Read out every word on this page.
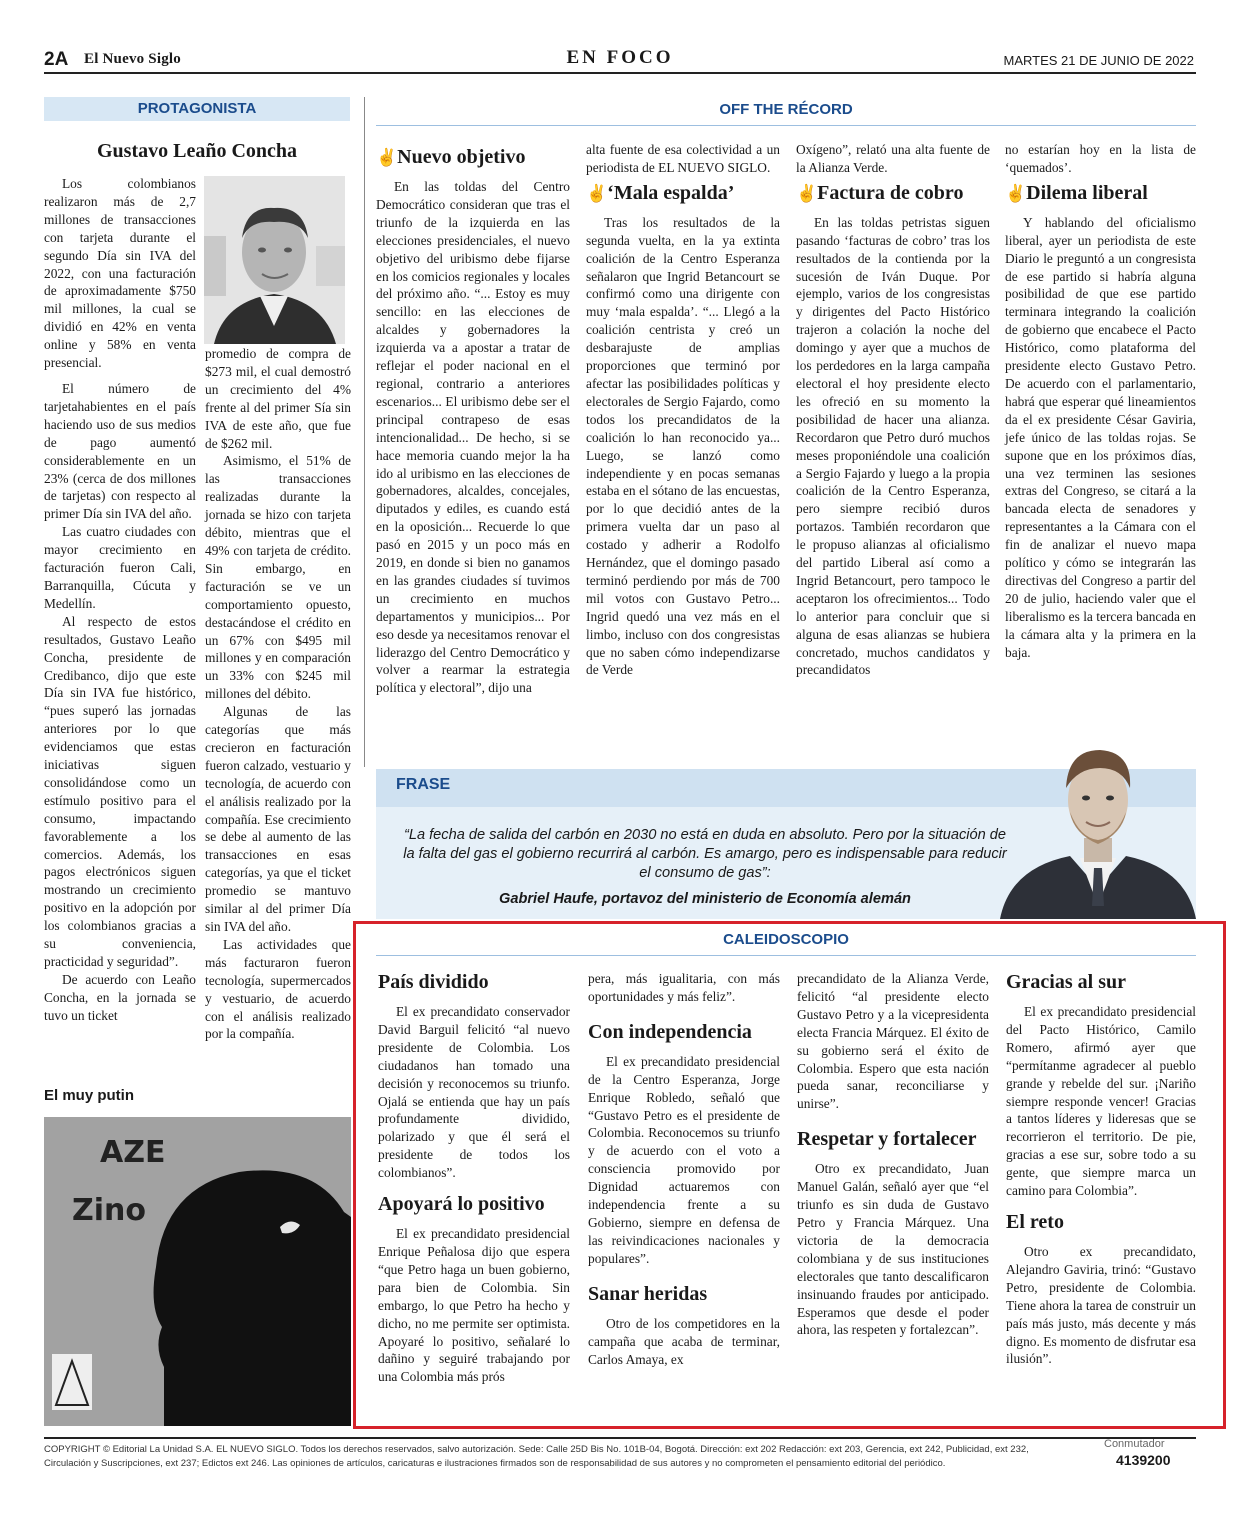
2A El Nuevo Siglo	EN FOCO	MARTES 21 DE JUNIO DE 2022
PROTAGONISTA
Gustavo Leaño Concha

Los colombianos realizaron más de 2,7 millones de transacciones con tarjeta durante el segundo Día sin IVA del 2022, con una facturación de aproximadamente $750 mil millones, la cual se dividió en 42% en venta online y 58% en venta presencial.

El número de tarjetahabientes en el país haciendo uso de sus medios de pago aumentó considerablemente en un 23% (cerca de dos millones de tarjetas) con respecto al primer Día sin IVA del año.

Las cuatro ciudades con mayor crecimiento en facturación fueron Cali, Barranquilla, Cúcuta y Medellín.

Al respecto de estos resultados, Gustavo Leaño Concha, presidente de Credibanco, dijo que este Día sin IVA fue histórico, “pues superó las jornadas anteriores por lo que evidenciamos que estas iniciativas siguen consolidándose como un estímulo positivo para el consumo, impactando favorablemente a los comercios. Además, los pagos electrónicos siguen mostrando un crecimiento positivo en la adopción por los colombianos gracias a su conveniencia, practicidad y seguridad”.

De acuerdo con Leaño Concha, en la jornada se tuvo un ticket

promedio de compra de $273 mil, el cual demostró un crecimiento del 4% frente al del primer Sía sin IVA de este año, que fue de $262 mil.

Asimismo, el 51% de las transacciones realizadas durante la jornada se hizo con tarjeta débito, mientras que el 49% con tarjeta de crédito. Sin embargo, en facturación se ve un comportamiento opuesto, destacándose el crédito en un 67% con $495 mil millones y en comparación un 33% con $245 mil millones del débito.

Algunas de las categorías que más crecieron en facturación fueron calzado, vestuario y tecnología, de acuerdo con el análisis realizado por la compañía. Ese crecimiento se debe al aumento de las transacciones en esas categorías, ya que el ticket promedio se mantuvo similar al del primer Día sin IVA del año.

Las actividades que más facturaron fueron tecnología, supermercados y vestuario, de acuerdo con el análisis realizado por la compañía.

El muy putin
AZE
Zino
OFF THE RÉCORD
✌Nuevo objetivo

En las toldas del Centro Democrático consideran que tras el triunfo de la izquierda en las elecciones presidenciales, el nuevo objetivo del uribismo debe fijarse en los comicios regionales y locales del próximo año. “... Estoy es muy sencillo: en las elecciones de alcaldes y gobernadores la izquierda va a apostar a tratar de reflejar el poder nacional en el regional, contrario a anteriores escenarios... El uribismo debe ser el principal contrapeso de esas intencionalidad... De hecho, si se hace memoria cuando mejor la ha ido al uribismo en las elecciones de gobernadores, alcaldes, concejales, diputados y ediles, es cuando está en la oposición... Recuerde lo que pasó en 2015 y un poco más en 2019, en donde si bien no ganamos en las grandes ciudades sí tuvimos un crecimiento en muchos departamentos y municipios... Por eso desde ya necesitamos renovar el liderazgo del Centro Democrático y volver a rearmar la estrategia política y electoral”, dijo una

alta fuente de esa colectividad a un periodista de EL NUEVO SIGLO.

✌‘Mala espalda’

Tras los resultados de la segunda vuelta, en la ya extinta coalición de la Centro Esperanza señalaron que Ingrid Betancourt se confirmó como una dirigente con muy ‘mala espalda’. “... Llegó a la coalición centrista y creó un desbarajuste de amplias proporciones que terminó por afectar las posibilidades políticas y electorales de Sergio Fajardo, como todos los precandidatos de la coalición lo han reconocido ya... Luego, se lanzó como independiente y en pocas semanas estaba en el sótano de las encuestas, por lo que decidió antes de la primera vuelta dar un paso al costado y adherir a Rodolfo Hernández, que el domingo pasado terminó perdiendo por más de 700 mil votos con Gustavo Petro... Ingrid quedó una vez más en el limbo, incluso con dos congresistas que no saben cómo independizarse de Verde

Oxígeno”, relató una alta fuente de la Alianza Verde.

✌Factura de cobro

En las toldas petristas siguen pasando ‘facturas de cobro’ tras los resultados de la contienda por la sucesión de Iván Duque. Por ejemplo, varios de los congresistas y dirigentes del Pacto Histórico trajeron a colación la noche del domingo y ayer que a muchos de los perdedores en la larga campaña electoral el hoy presidente electo les ofreció en su momento la posibilidad de hacer una alianza. Recordaron que Petro duró muchos meses proponiéndole una coalición a Sergio Fajardo y luego a la propia coalición de la Centro Esperanza, pero siempre recibió duros portazos. También recordaron que le propuso alianzas al oficialismo del partido Liberal así como a Ingrid Betancourt, pero tampoco le aceptaron los ofrecimientos... Todo lo anterior para concluir que si alguna de esas alianzas se hubiera concretado, muchos candidatos y precandidatos

no estarían hoy en la lista de ‘quemados’.

✌Dilema liberal

Y hablando del oficialismo liberal, ayer un periodista de este Diario le preguntó a un congresista de ese partido si habría alguna posibilidad de que ese partido terminara integrando la coalición de gobierno que encabece el Pacto Histórico, como plataforma del presidente electo Gustavo Petro. De acuerdo con el parlamentario, habrá que esperar qué lineamientos da el ex presidente César Gaviria, jefe único de las toldas rojas. Se supone que en los próximos días, una vez terminen las sesiones extras del Congreso, se citará a la bancada electa de senadores y representantes a la Cámara con el fin de analizar el nuevo mapa político y cómo se integrarán las directivas del Congreso a partir del 20 de julio, haciendo valer que el liberalismo es la tercera bancada en la cámara alta y la primera en la baja.

FRASE
“La fecha de salida del carbón en 2030 no está en duda en absoluto. Pero por la situación de la falta del gas el gobierno recurrirá al carbón. Es amargo, pero es indispensable para reducir el consumo de gas”:
Gabriel Haufe, portavoz del ministerio de Economía alemán
CALEIDOSCOPIO
País dividido

El ex precandidato conservador David Barguil felicitó “al nuevo presidente de Colombia. Los ciudadanos han tomado una decisión y reconocemos su triunfo. Ojalá se entienda que hay un país profundamente dividido, polarizado y que él será el presidente de todos los colombianos”.

Apoyará lo positivo

El ex precandidato presidencial Enrique Peñalosa dijo que espera “que Petro haga un buen gobierno, para bien de Colombia. Sin embargo, lo que Petro ha hecho y dicho, no me permite ser optimista. Apoyaré lo positivo, señalaré lo dañino y seguiré trabajando por una Colombia más prós

pera, más igualitaria, con más oportunidades y más feliz”.

Con independencia

El ex precandidato presidencial de la Centro Esperanza, Jorge Enrique Robledo, señaló que “Gustavo Petro es el presidente de Colombia. Reconocemos su triunfo y de acuerdo con el voto a consciencia promovido por Dignidad actuaremos con independencia frente a su Gobierno, siempre en defensa de las reivindicaciones nacionales y populares”.

Sanar heridas

Otro de los competidores en la campaña que acaba de terminar, Carlos Amaya, ex

precandidato de la Alianza Verde, felicitó “al presidente electo Gustavo Petro y a la vicepresidenta electa Francia Márquez. El éxito de su gobierno será el éxito de Colombia. Espero que esta nación pueda sanar, reconciliarse y unirse”.

Respetar y fortalecer

Otro ex precandidato, Juan Manuel Galán, señaló ayer que “el triunfo es sin duda de Gustavo Petro y Francia Márquez. Una victoria de la democracia colombiana y de sus instituciones electorales que tanto descalificaron insinuando fraudes por anticipado. Esperamos que desde el poder ahora, las respeten y fortalezcan”.

Gracias al sur

El ex precandidato presidencial del Pacto Histórico, Camilo Romero, afirmó ayer que “permítanme agradecer al pueblo grande y rebelde del sur. ¡Nariño siempre responde vencer! Gracias a tantos líderes y lideresas que se recorrieron el territorio. De pie, gracias a ese sur, sobre todo a su gente, que siempre marca un camino para Colombia”.

El reto

Otro ex precandidato, Alejandro Gaviria, trinó: “Gustavo Petro, presidente de Colombia. Tiene ahora la tarea de construir un país más justo, más decente y más digno. Es momento de disfrutar esa ilusión”.

COPYRIGHT © Editorial La Unidad S.A. EL NUEVO SIGLO. Todos los derechos reservados, salvo autorización. Sede: Calle 25D Bis No. 101B-04, Bogotá. Dirección: ext 202 Redacción: ext 203, Gerencia, ext 242, Publicidad, ext 232,
Circulación y Suscripciones, ext 237; Edictos ext 246. Las opiniones de artículos, caricaturas e ilustraciones firmados son de responsabilidad de sus autores y no comprometen el pensamiento editorial del periódico.
Conmutador
4139200
